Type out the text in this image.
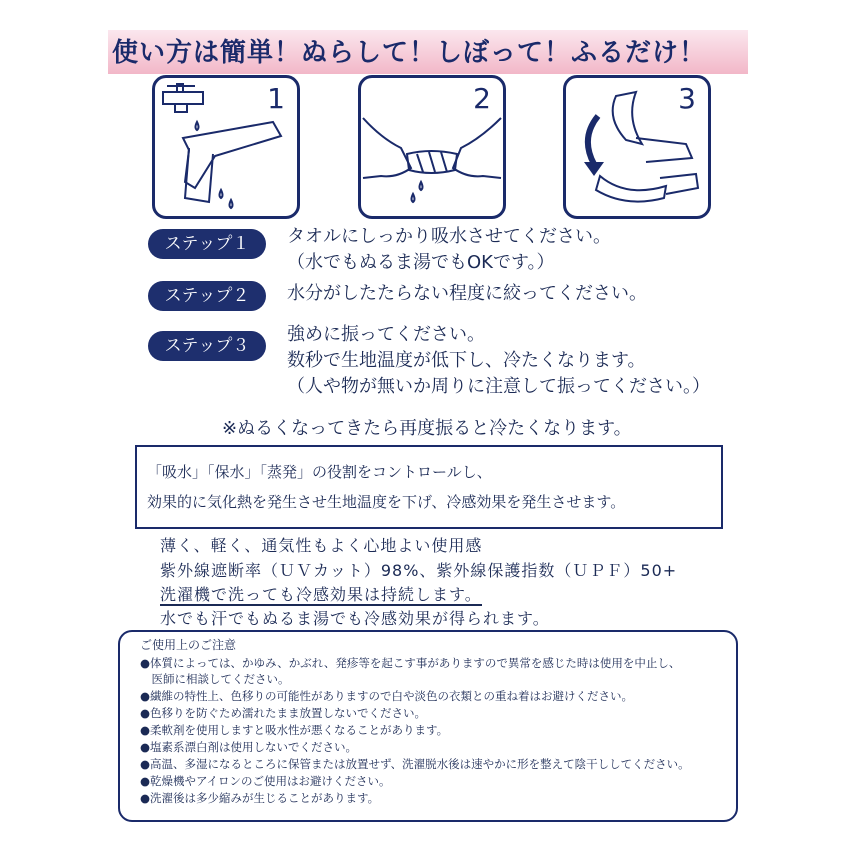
使い方は簡単！ぬらして！しぼって！ふるだけ！
1	2	3
ステップ１	タオルにしっかり吸水させてください。
（水でもぬるま湯でもOKです。）
ステップ２	水分がしたたらない程度に絞ってください。
ステップ３
強めに振ってください。
数秒で生地温度が低下し、冷たくなります。
（人や物が無いか周りに注意して振ってください。）
※ぬるくなってきたら再度振ると冷たくなります。
「吸水」「保水」「蒸発」の役割をコントロールし、
効果的に気化熱を発生させ生地温度を下げ、冷感効果を発生させます。
薄く、軽く、通気性もよく心地よい使用感
紫外線遮断率（ＵＶカット）98%、紫外線保護指数（ＵＰＦ）50+
洗濯機で洗っても冷感効果は持続します。
水でも汗でもぬるま湯でも冷感効果が得られます。
ご使用上のご注意
●体質によっては、かゆみ、かぶれ、発疹等を起こす事がありますので異常を感じた時は使用を中止し、
　医師に相談してください。
●繊維の特性上、色移りの可能性がありますので白や淡色の衣類との重ね着はお避けください。
●色移りを防ぐため濡れたまま放置しないでください。
●柔軟剤を使用しますと吸水性が悪くなることがあります。
●塩素系漂白剤は使用しないでください。
●高温、多湿になるところに保管または放置せず、洗濯脱水後は速やかに形を整えて陰干ししてください。
●乾燥機やアイロンのご使用はお避けください。
●洗濯後は多少縮みが生じることがあります。
